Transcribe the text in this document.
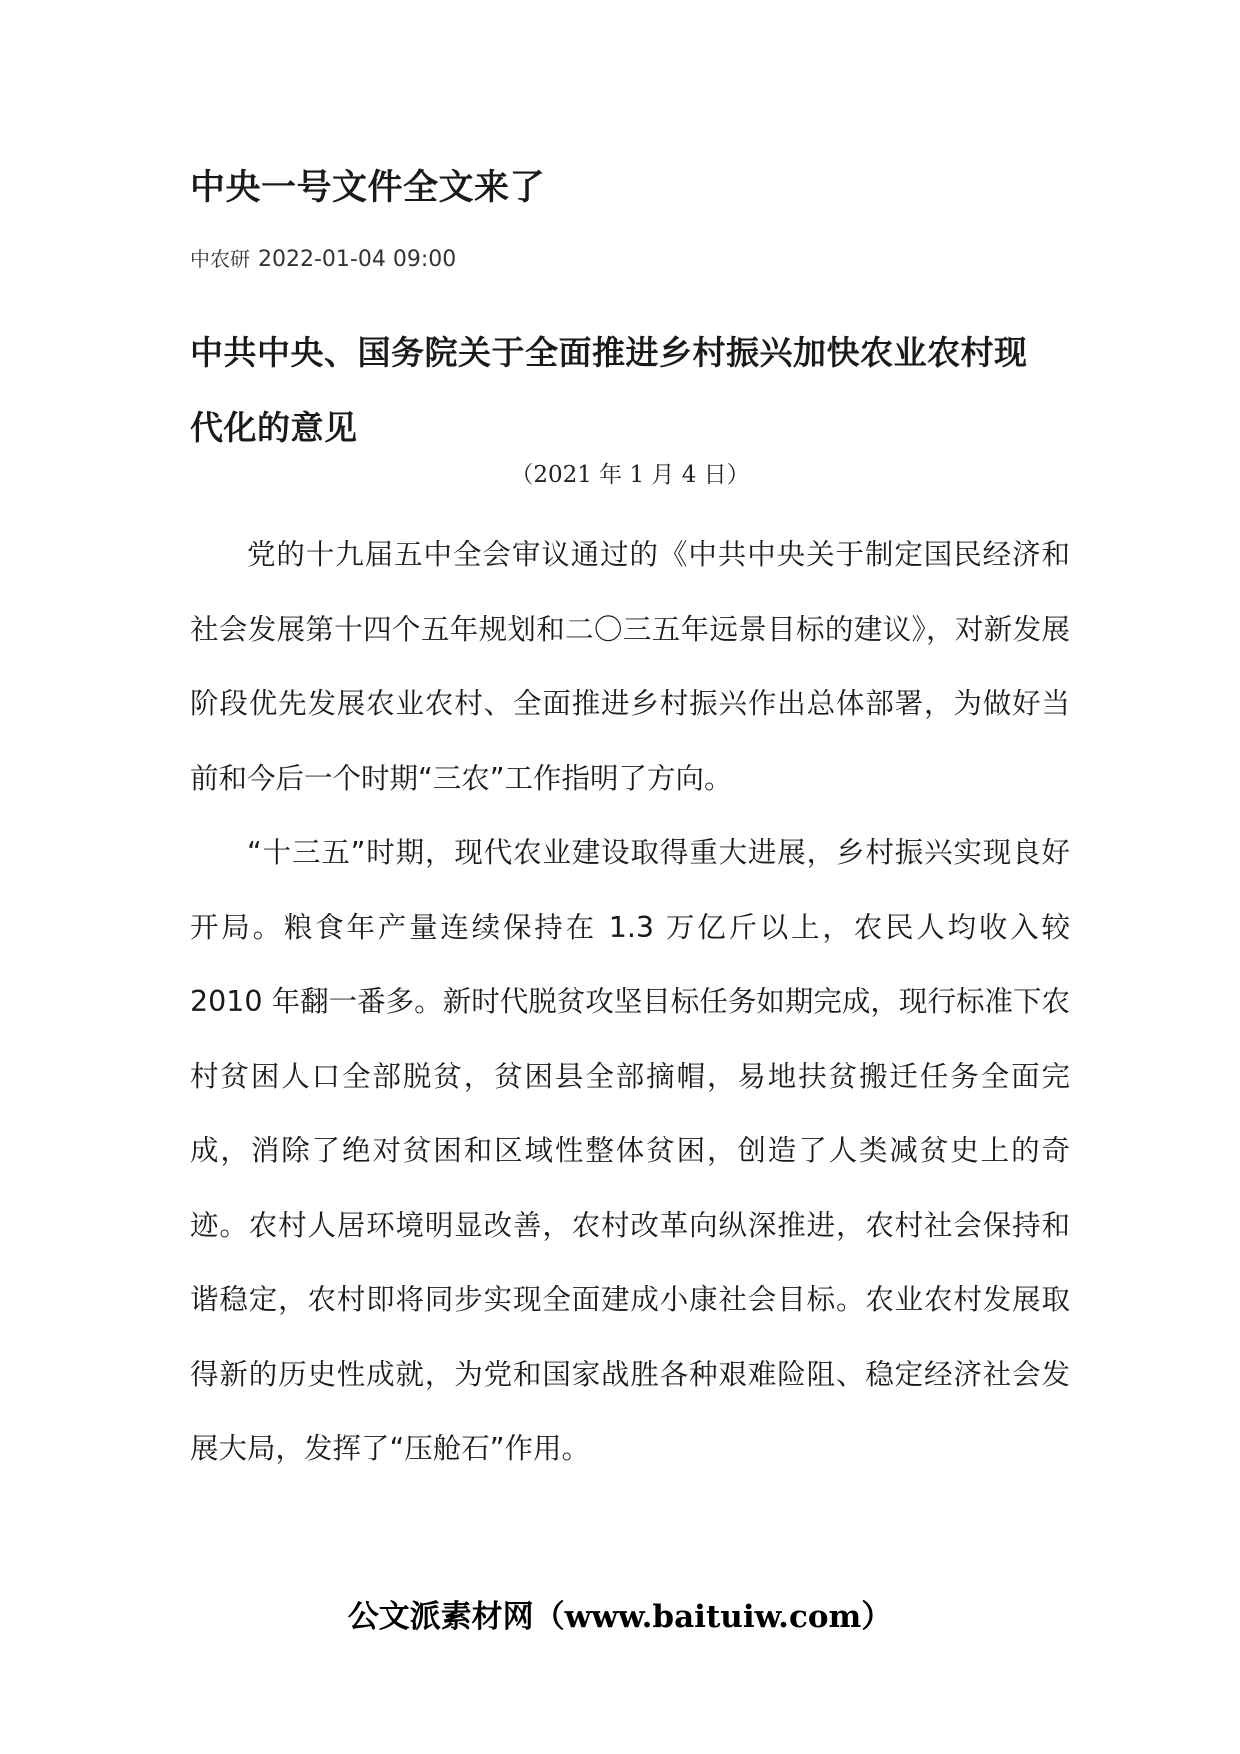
中央一号文件全文来了
中农研 2022-01-04 09:00
中共中央、国务院关于全面推进乡村振兴加快农业农村现代化的意见
（2021 年 1 月 4 日）

党的十九届五中全会审议通过的《中共中央关于制定国民经济和社会发展第十四个五年规划和二〇三五年远景目标的建议》，对新发展阶段优先发展农业农村、全面推进乡村振兴作出总体部署，为做好当前和今后一个时期“三农”工作指明了方向。

“十三五”时期，现代农业建设取得重大进展，乡村振兴实现良好开局。粮食年产量连续保持在 1.3 万亿斤以上，农民人均收入较 2010 年翻一番多。新时代脱贫攻坚目标任务如期完成，现行标准下农村贫困人口全部脱贫，贫困县全部摘帽，易地扶贫搬迁任务全面完成，消除了绝对贫困和区域性整体贫困，创造了人类减贫史上的奇迹。农村人居环境明显改善，农村改革向纵深推进，农村社会保持和谐稳定，农村即将同步实现全面建成小康社会目标。农业农村发展取得新的历史性成就，为党和国家战胜各种艰难险阻、稳定经济社会发展大局，发挥了“压舱石”作用。

公文派素材网（www.baituiw.com）
